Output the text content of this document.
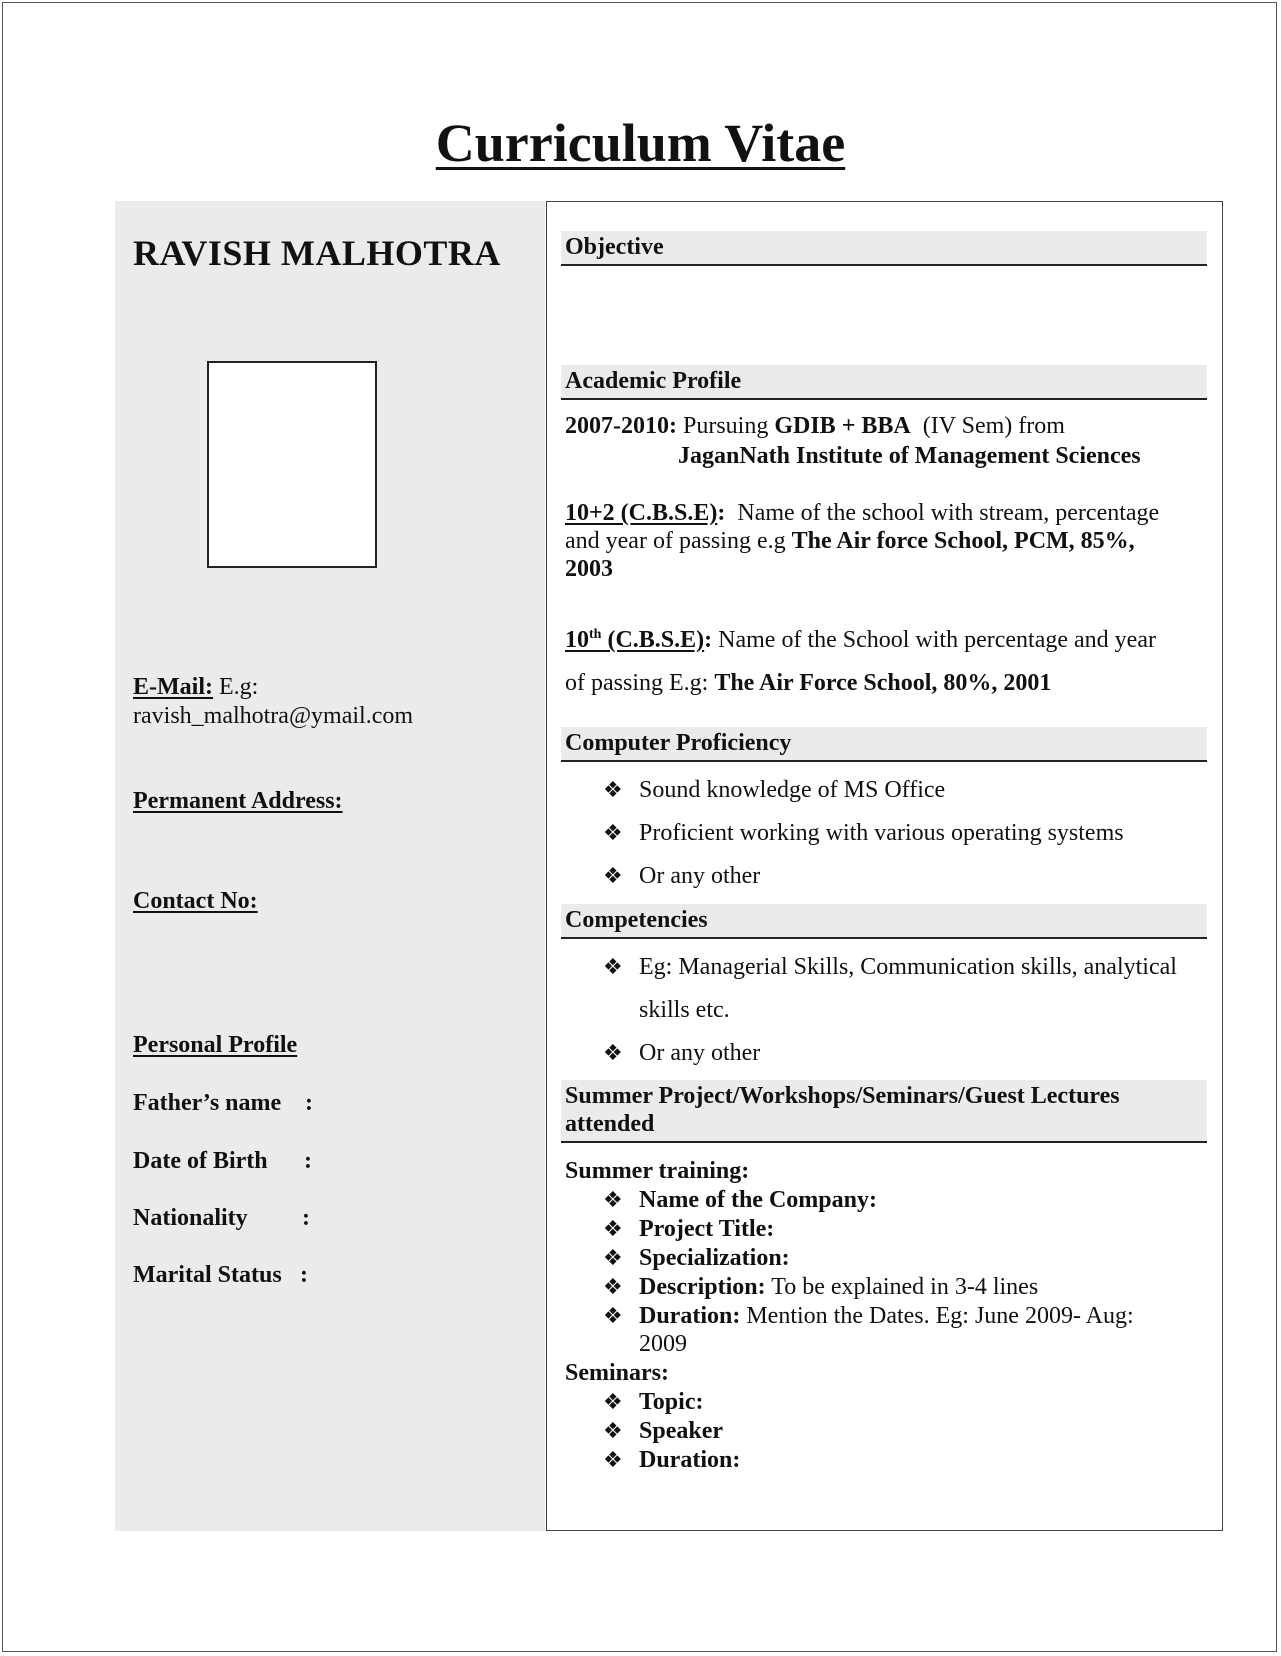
Curriculum Vitae
RAVISH MALHOTRA
E-Mail: E.g:
ravish_malhotra@ymail.com
Permanent Address:
Contact No:
Personal Profile
Father’s name :
Date of Birth :
Nationality :
Marital Status :
Objective
Academic Profile
2007-2010: Pursuing GDIB + BBA (IV Sem) from
JaganNath Institute of Management Sciences
10+2 (C.B.S.E): Name of the school with stream, percentage
and year of passing e.g The Air force School, PCM, 85%,
2003
10th (C.B.S.E): Name of the School with percentage and year
of passing E.g: The Air Force School, 80%, 2001
Computer Proficiency
❖ Sound knowledge of MS Office
❖ Proficient working with various operating systems
❖ Or any other
Competencies
❖ Eg: Managerial Skills, Communication skills, analytical
skills etc.
❖ Or any other
Summer Project/Workshops/Seminars/Guest Lectures
attended
Summer training:
❖ Name of the Company:
❖ Project Title:
❖ Specialization:
❖ Description: To be explained in 3-4 lines
❖ Duration: Mention the Dates. Eg: June 2009- Aug:
2009
Seminars:
❖ Topic:
❖ Speaker
❖ Duration:
